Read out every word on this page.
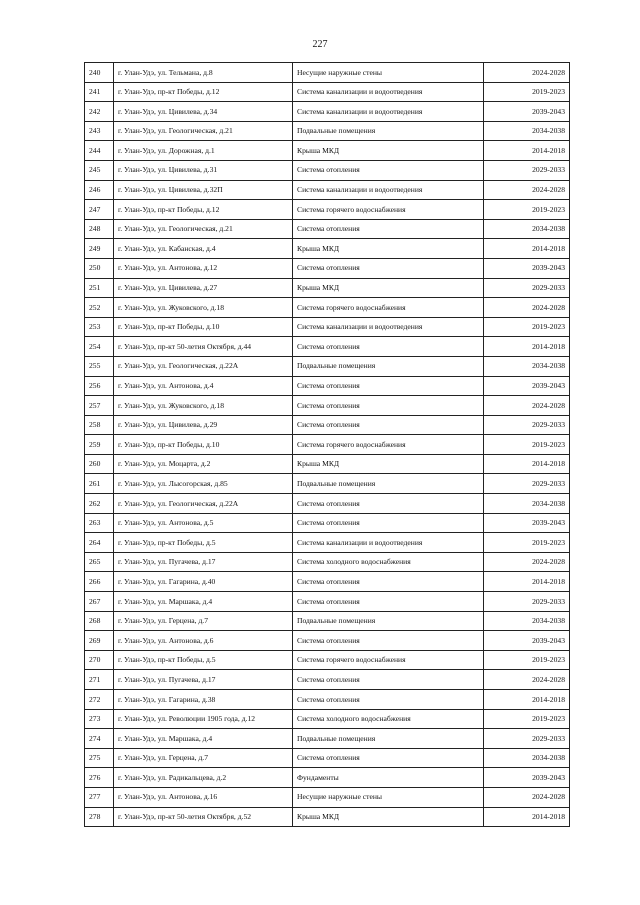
227
240	г. Улан-Удэ, ул. Тельмана, д.8	Несущие наружные стены	2024-2028
241	г. Улан-Удэ, пр-кт Победы, д.12	Система канализации и водоотведения	2019-2023
242	г. Улан-Удэ, ул. Цивилева, д.34	Система канализации и водоотведения	2039-2043
243	г. Улан-Удэ, ул. Геологическая, д.21	Подвальные помещения	2034-2038
244	г. Улан-Удэ, ул. Дорожная, д.1	Крыша МКД	2014-2018
245	г. Улан-Удэ, ул. Цивилева, д.31	Система отопления	2029-2033
246	г. Улан-Удэ, ул. Цивилева, д.32П	Система канализации и водоотведения	2024-2028
247	г. Улан-Удэ, пр-кт Победы, д.12	Система горячего водоснабжения	2019-2023
248	г. Улан-Удэ, ул. Геологическая, д.21	Система отопления	2034-2038
249	г. Улан-Удэ, ул. Кабанская, д.4	Крыша МКД	2014-2018
250	г. Улан-Удэ, ул. Антонова, д.12	Система отопления	2039-2043
251	г. Улан-Удэ, ул. Цивилева, д.27	Крыша МКД	2029-2033
252	г. Улан-Удэ, ул. Жуковского, д.18	Система горячего водоснабжения	2024-2028
253	г. Улан-Удэ, пр-кт Победы, д.10	Система канализации и водоотведения	2019-2023
254	г. Улан-Удэ, пр-кт 50-летия Октября, д.44	Система отопления	2014-2018
255	г. Улан-Удэ, ул. Геологическая, д.22А	Подвальные помещения	2034-2038
256	г. Улан-Удэ, ул. Антонова, д.4	Система отопления	2039-2043
257	г. Улан-Удэ, ул. Жуковского, д.18	Система отопления	2024-2028
258	г. Улан-Удэ, ул. Цивилева, д.29	Система отопления	2029-2033
259	г. Улан-Удэ, пр-кт Победы, д.10	Система горячего водоснабжения	2019-2023
260	г. Улан-Удэ, ул. Моцарта, д.2	Крыша МКД	2014-2018
261	г. Улан-Удэ, ул. Лысогорская, д.85	Подвальные помещения	2029-2033
262	г. Улан-Удэ, ул. Геологическая, д.22А	Система отопления	2034-2038
263	г. Улан-Удэ, ул. Антонова, д.5	Система отопления	2039-2043
264	г. Улан-Удэ, пр-кт Победы, д.5	Система канализации и водоотведения	2019-2023
265	г. Улан-Удэ, ул. Пугачева, д.17	Система холодного водоснабжения	2024-2028
266	г. Улан-Удэ, ул. Гагарина, д.40	Система отопления	2014-2018
267	г. Улан-Удэ, ул. Маршака, д.4	Система отопления	2029-2033
268	г. Улан-Удэ, ул. Герцена, д.7	Подвальные помещения	2034-2038
269	г. Улан-Удэ, ул. Антонова, д.6	Система отопления	2039-2043
270	г. Улан-Удэ, пр-кт Победы, д.5	Система горячего водоснабжения	2019-2023
271	г. Улан-Удэ, ул. Пугачева, д.17	Система отопления	2024-2028
272	г. Улан-Удэ, ул. Гагарина, д.38	Система отопления	2014-2018
273	г. Улан-Удэ, ул. Революции 1905 года, д.12	Система холодного водоснабжения	2019-2023
274	г. Улан-Удэ, ул. Маршака, д.4	Подвальные помещения	2029-2033
275	г. Улан-Удэ, ул. Герцена, д.7	Система отопления	2034-2038
276	г. Улан-Удэ, ул. Радикальцева, д.2	Фундаменты	2039-2043
277	г. Улан-Удэ, ул. Антонова, д.16	Несущие наружные стены	2024-2028
278	г. Улан-Удэ, пр-кт 50-летия Октября, д.52	Крыша МКД	2014-2018
